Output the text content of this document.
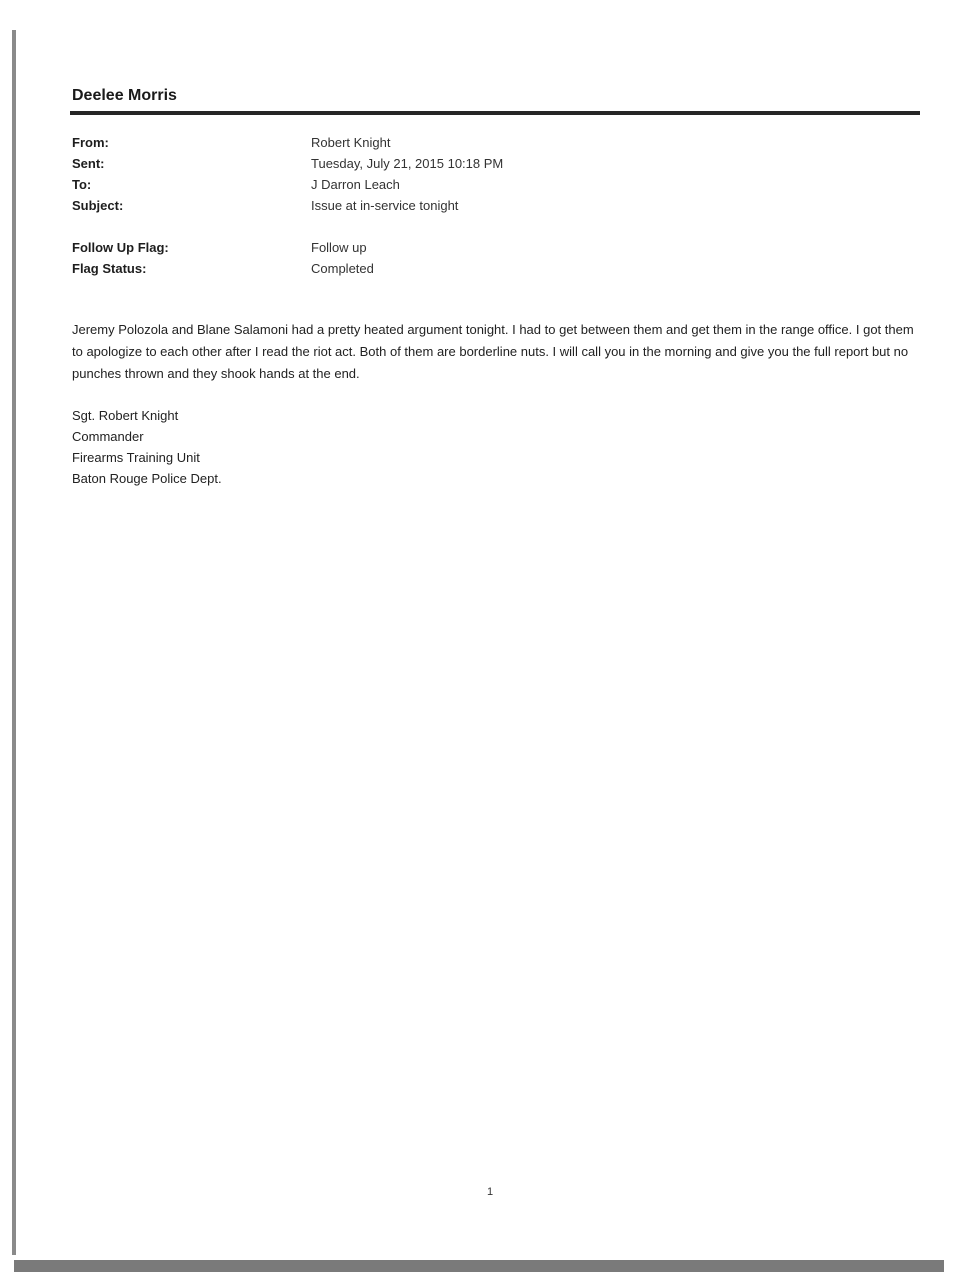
Deelee Morris
From:	Robert Knight
Sent:	Tuesday, July 21, 2015 10:18 PM
To:	J Darron Leach
Subject:	Issue at in-service tonight
Follow Up Flag:	Follow up
Flag Status:	Completed
Jeremy Polozola and Blane Salamoni had a pretty heated argument tonight. I had to get between them and get them in the range office. I got them to apologize to each other after I read the riot act. Both of them are borderline nuts. I will call you in the morning and give you the full report but no punches thrown and they shook hands at the end.
Sgt. Robert Knight
Commander
Firearms Training Unit
Baton Rouge Police Dept.
1
